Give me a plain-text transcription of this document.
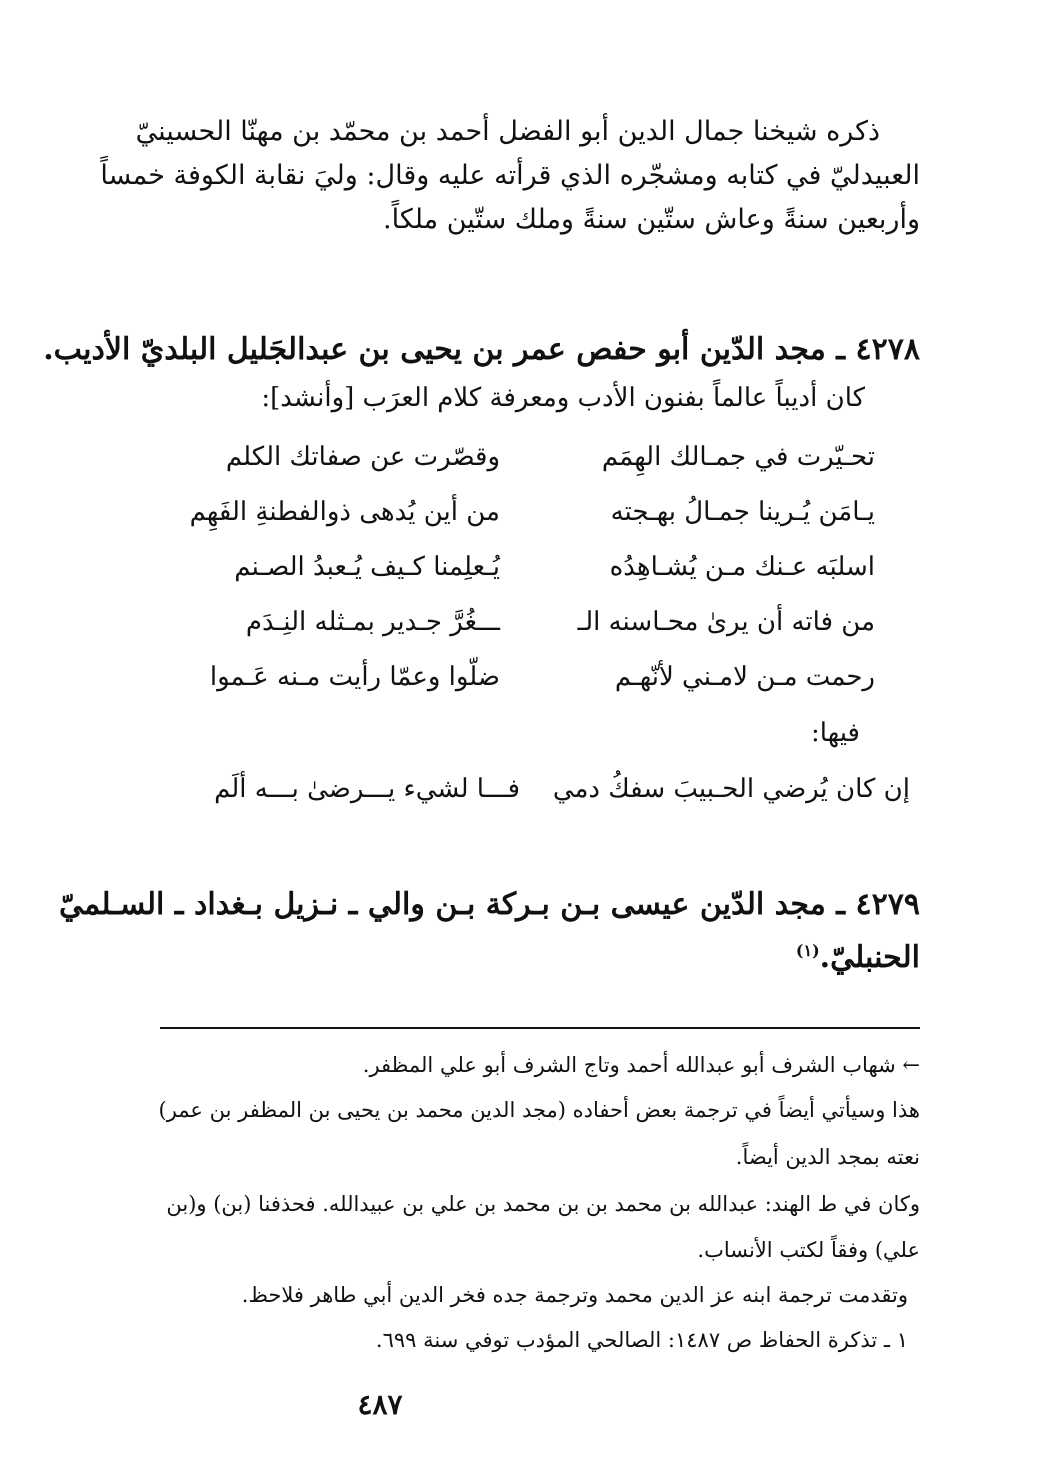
ذكره شيخنا جمال الدين أبو الفضل أحمد بن محمّد بن مهنّا الحسينيّ
العبيدليّ في كتابه ومشجّره الذي قرأته عليه وقال: وليَ نقابة الكوفة خمساً
وأربعين سنةً وعاش ستّين سنةً وملك ستّين ملكاً.
٤٢٧٨ ـ مجد الدّين أبو حفص عمر بن يحيى بن عبدالجَليل البلديّ الأديب.
كان أديباً عالماً بفنون الأدب ومعرفة كلام العرَب [وأنشد]:
تحـيّرت في جمـالك الهِمَم
وقصّرت عن صفاتك الكلم
يـامَن يُـرينا جمـالُ بهـجته
من أين يُدهى ذوالفطنةِ الفَهِم
اسلبَه عـنك مـن يُشـاهِدُه
يُـعلِمنا كـيف يُـعبدُ الصـنم
من فاته أن يرىٰ محـاسنه الـ
ـــغُرَّ جـدير بمـثله النِـدَم
رحمت مـن لامـني لأنّهـم
ضلّوا وعمّا رأيت مـنه عَـموا
فيها:
إن كان يُرضي الحـبيبَ سفكُ دمي
فـــا لشيء يـــرضىٰ بـــه ألَم
٤٢٧٩ ـ مجد الدّين عيسى بـن بـركة بـن والي ـ نـزيل بـغداد ـ السـلميّ
الحنبليّ.$^{(١)}$
← شهاب الشرف أبو عبدالله أحمد وتاج الشرف أبو علي المظفر.
هذا وسيأتي أيضاً في ترجمة بعض أحفاده (مجد الدين محمد بن يحيى بن المظفر بن عمر)
نعته بمجد الدين أيضاً.
وكان في ط الهند: عبدالله بن محمد بن بن محمد بن علي بن عبيدالله. فحذفنا (بن) و(بن
علي) وفقاً لكتب الأنساب.
وتقدمت ترجمة ابنه عز الدين محمد وترجمة جده فخر الدين أبي طاهر فلاحظ.
١ ـ تذكرة الحفاظ ص ١٤٨٧: الصالحي المؤدب توفي سنة ٦٩٩.
٤٨٧
